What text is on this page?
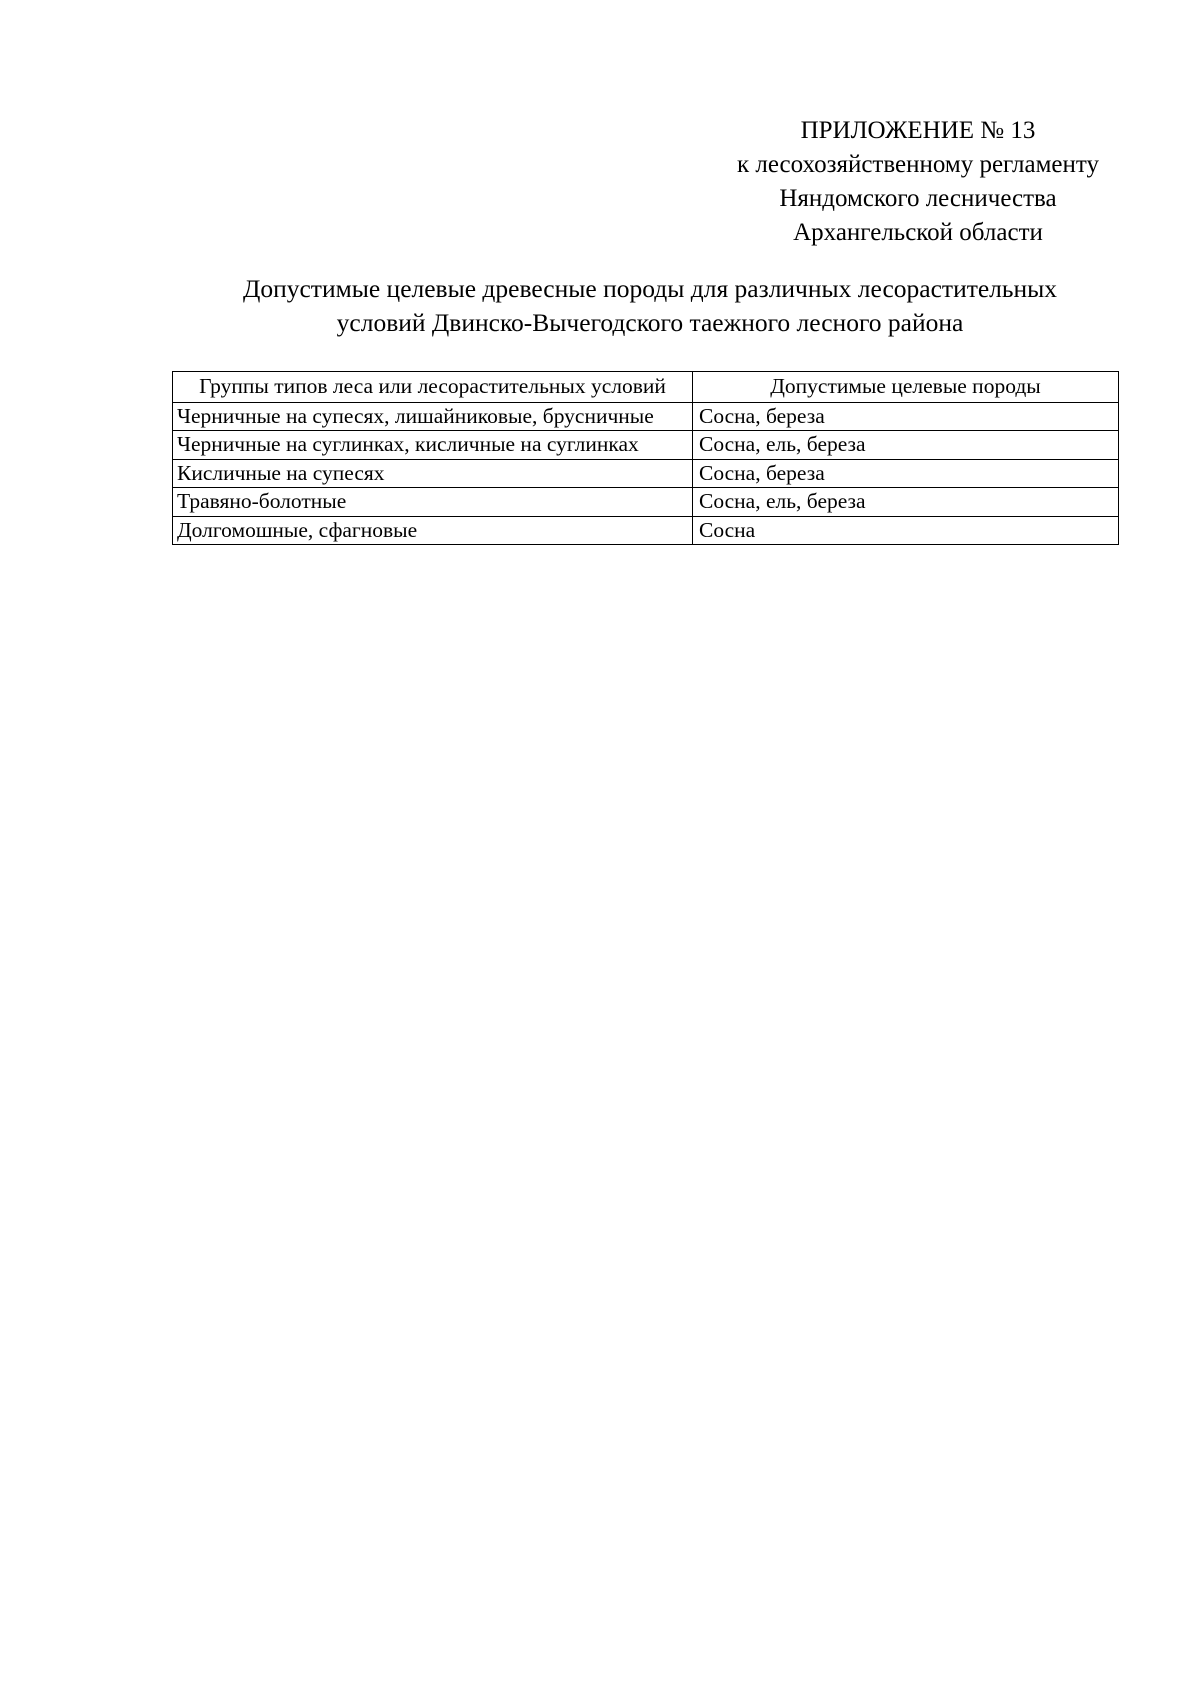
ПРИЛОЖЕНИЕ № 13
к лесохозяйственному регламенту
Няндомского лесничества
Архангельской области
Допустимые целевые древесные породы для различных лесорастительных
условий Двинско-Вычегодского таежного лесного района
Группы типов леса или лесорастительных условий	Допустимые целевые породы
Черничные на супесях, лишайниковые, брусничные	Сосна, береза
Черничные на суглинках, кисличные на суглинках	Сосна, ель, береза
Кисличные на супесях	Сосна, береза
Травяно-болотные	Сосна, ель, береза
Долгомошные, сфагновые	Сосна
